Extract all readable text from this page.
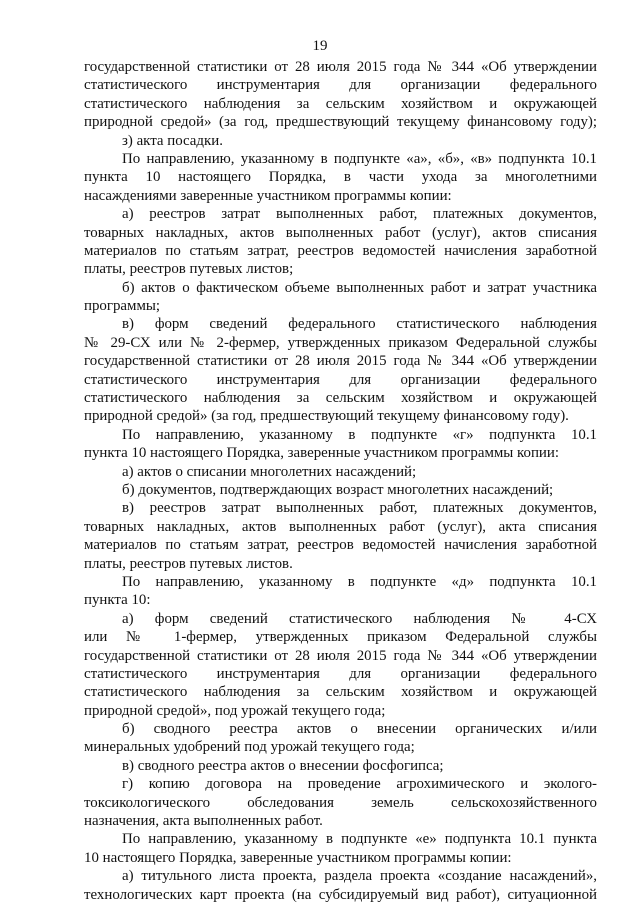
19
государственной статистики от 28 июля 2015 года № 344 «Об утверждении
статистического инструментария для организации федерального
статистического наблюдения за сельским хозяйством и окружающей
природной средой» (за год, предшествующий текущему финансовому году);
з) акта посадки.
По направлению, указанному в подпункте «а», «б», «в» подпункта 10.1
пункта 10 настоящего Порядка, в части ухода за многолетними
насаждениями заверенные участником программы копии:
а) реестров затрат выполненных работ, платежных документов,
товарных накладных, актов выполненных работ (услуг), актов списания
материалов по статьям затрат, реестров ведомостей начисления заработной
платы, реестров путевых листов;
б) актов о фактическом объеме выполненных работ и затрат участника
программы;
в) форм сведений федерального статистического наблюдения
№ 29-СХ или № 2-фермер, утвержденных приказом Федеральной службы
государственной статистики от 28 июля 2015 года № 344 «Об утверждении
статистического инструментария для организации федерального
статистического наблюдения за сельским хозяйством и окружающей
природной средой» (за год, предшествующий текущему финансовому году).
По направлению, указанному в подпункте «г» подпункта 10.1
пункта 10 настоящего Порядка, заверенные участником программы копии:
а) актов о списании многолетних насаждений;
б) документов, подтверждающих возраст многолетних насаждений;
в) реестров затрат выполненных работ, платежных документов,
товарных накладных, актов выполненных работ (услуг), акта списания
материалов по статьям затрат, реестров ведомостей начисления заработной
платы, реестров путевых листов.
По направлению, указанному в подпункте «д» подпункта 10.1
пункта 10:
а) форм сведений статистического наблюдения № 4-СХ
или № 1-фермер, утвержденных приказом Федеральной службы
государственной статистики от 28 июля 2015 года № 344 «Об утверждении
статистического инструментария для организации федерального
статистического наблюдения за сельским хозяйством и окружающей
природной средой», под урожай текущего года;
б) сводного реестра актов о внесении органических и/или
минеральных удобрений под урожай текущего года;
в) сводного реестра актов о внесении фосфогипса;
г) копию договора на проведение агрохимического и эколого-
токсикологического обследования земель сельскохозяйственного
назначения, акта выполненных работ.
По направлению, указанному в подпункте «е» подпункта 10.1 пункта
10 настоящего Порядка, заверенные участником программы копии:
а) титульного листа проекта, раздела проекта «создание насаждений»,
технологических карт проекта (на субсидируемый вид работ), ситуационной
